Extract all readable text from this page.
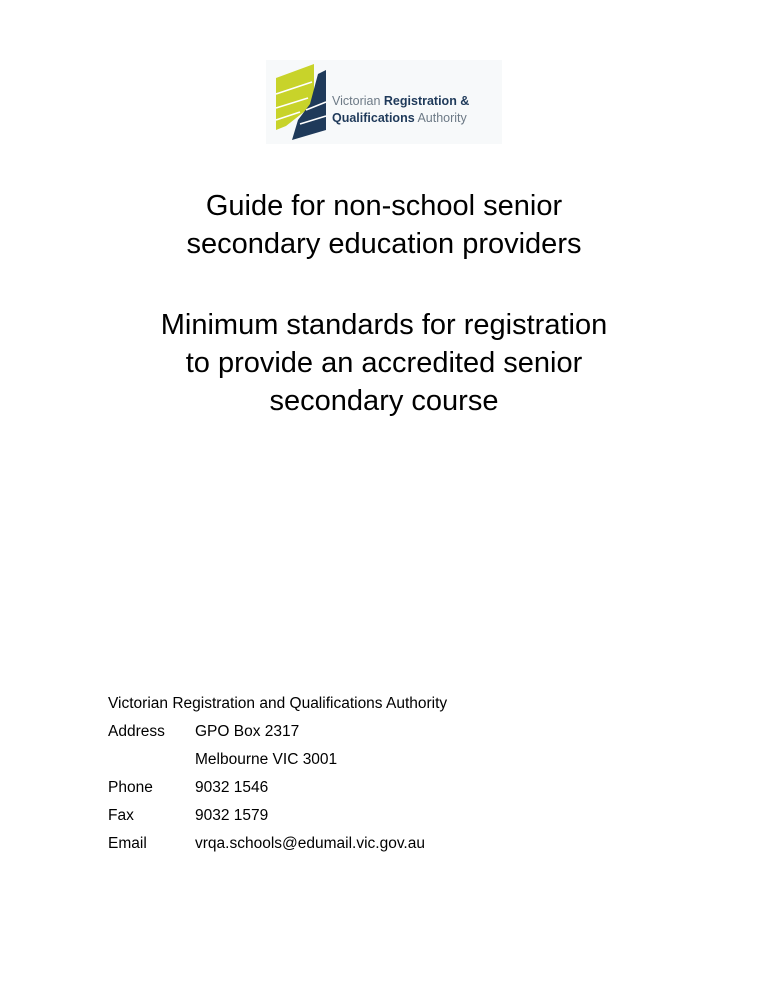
Victorian Registration &
Qualifications Authority
Guide for non-school senior
secondary education providers
Minimum standards for registration
to provide an accredited senior
secondary course
Victorian Registration and Qualifications Authority
Address	GPO Box 2317
Melbourne VIC 3001
Phone	9032 1546
Fax	9032 1579
Email	vrqa.schools@edumail.vic.gov.au
